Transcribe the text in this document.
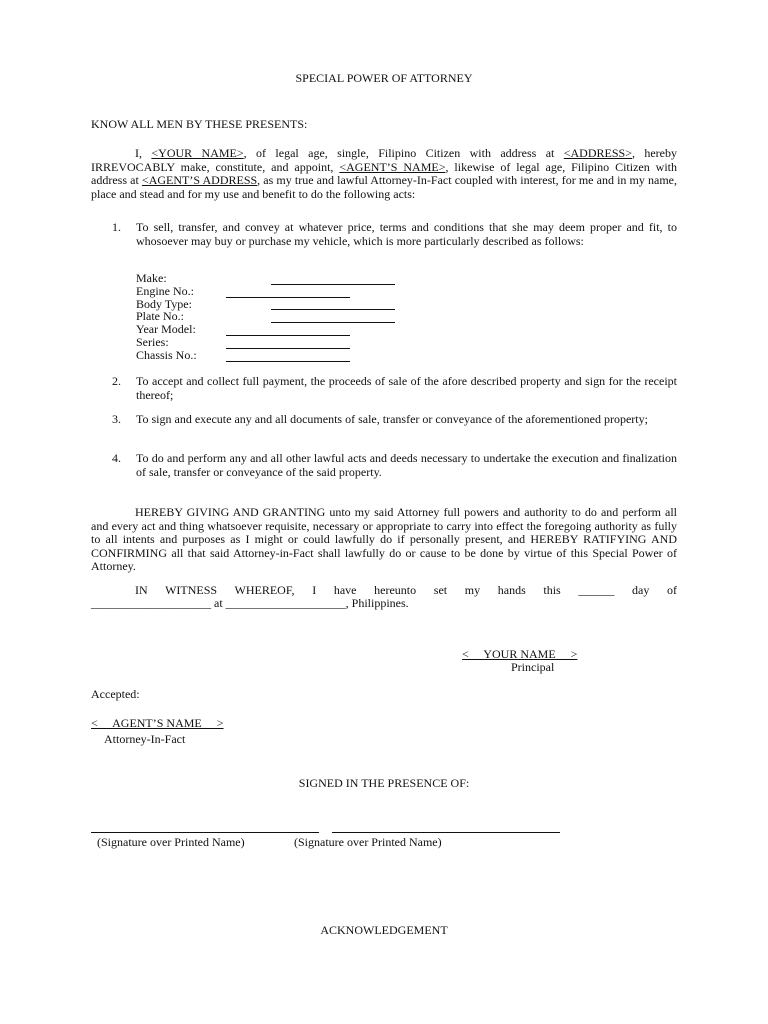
SPECIAL POWER OF ATTORNEY
KNOW ALL MEN BY THESE PRESENTS:

I, <YOUR NAME>, of legal age, single, Filipino Citizen with address at <ADDRESS>, hereby IRREVOCABLY make, constitute, and appoint, <AGENT’S NAME>, likewise of legal age, Filipino Citizen with address at <AGENT’S ADDRESS, as my true and lawful Attorney-In-Fact coupled with interest, for me and in my name, place and stead and for my use and benefit to do the following acts:

1.	To sell, transfer, and convey at whatever price, terms and conditions that she may deem proper and fit, to whosoever may buy or purchase my vehicle, which is more particularly described as follows:
Make:
Engine No.:
Body Type:
Plate No.:
Year Model:
Series:
Chassis No.:
2.	To accept and collect full payment, the proceeds of sale of the afore described property and sign for the receipt thereof;
3.	To sign and execute any and all documents of sale, transfer or conveyance of the aforementioned property;
4.	To do and perform any and all other lawful acts and deeds necessary to undertake the execution and finalization of sale, transfer or conveyance of the said property.

HEREBY GIVING AND GRANTING unto my said Attorney full powers and authority to do and perform all and every act and thing whatsoever requisite, necessary or appropriate to carry into effect the foregoing authority as fully to all intents and purposes as I might or could lawfully do if personally present, and HEREBY RATIFYING AND CONFIRMING all that said Attorney-in-Fact shall lawfully do or cause to be done by virtue of this Special Power of Attorney.

IN WITNESS WHEREOF, I have hereunto set my hands this ______ day of
____________________ at ____________________, Philippines.
<     YOUR NAME     >
Principal
Accepted:
<     AGENT’S NAME     >
Attorney-In-Fact
SIGNED IN THE PRESENCE OF:
(Signature over Printed Name)	(Signature over Printed Name)
ACKNOWLEDGEMENT
